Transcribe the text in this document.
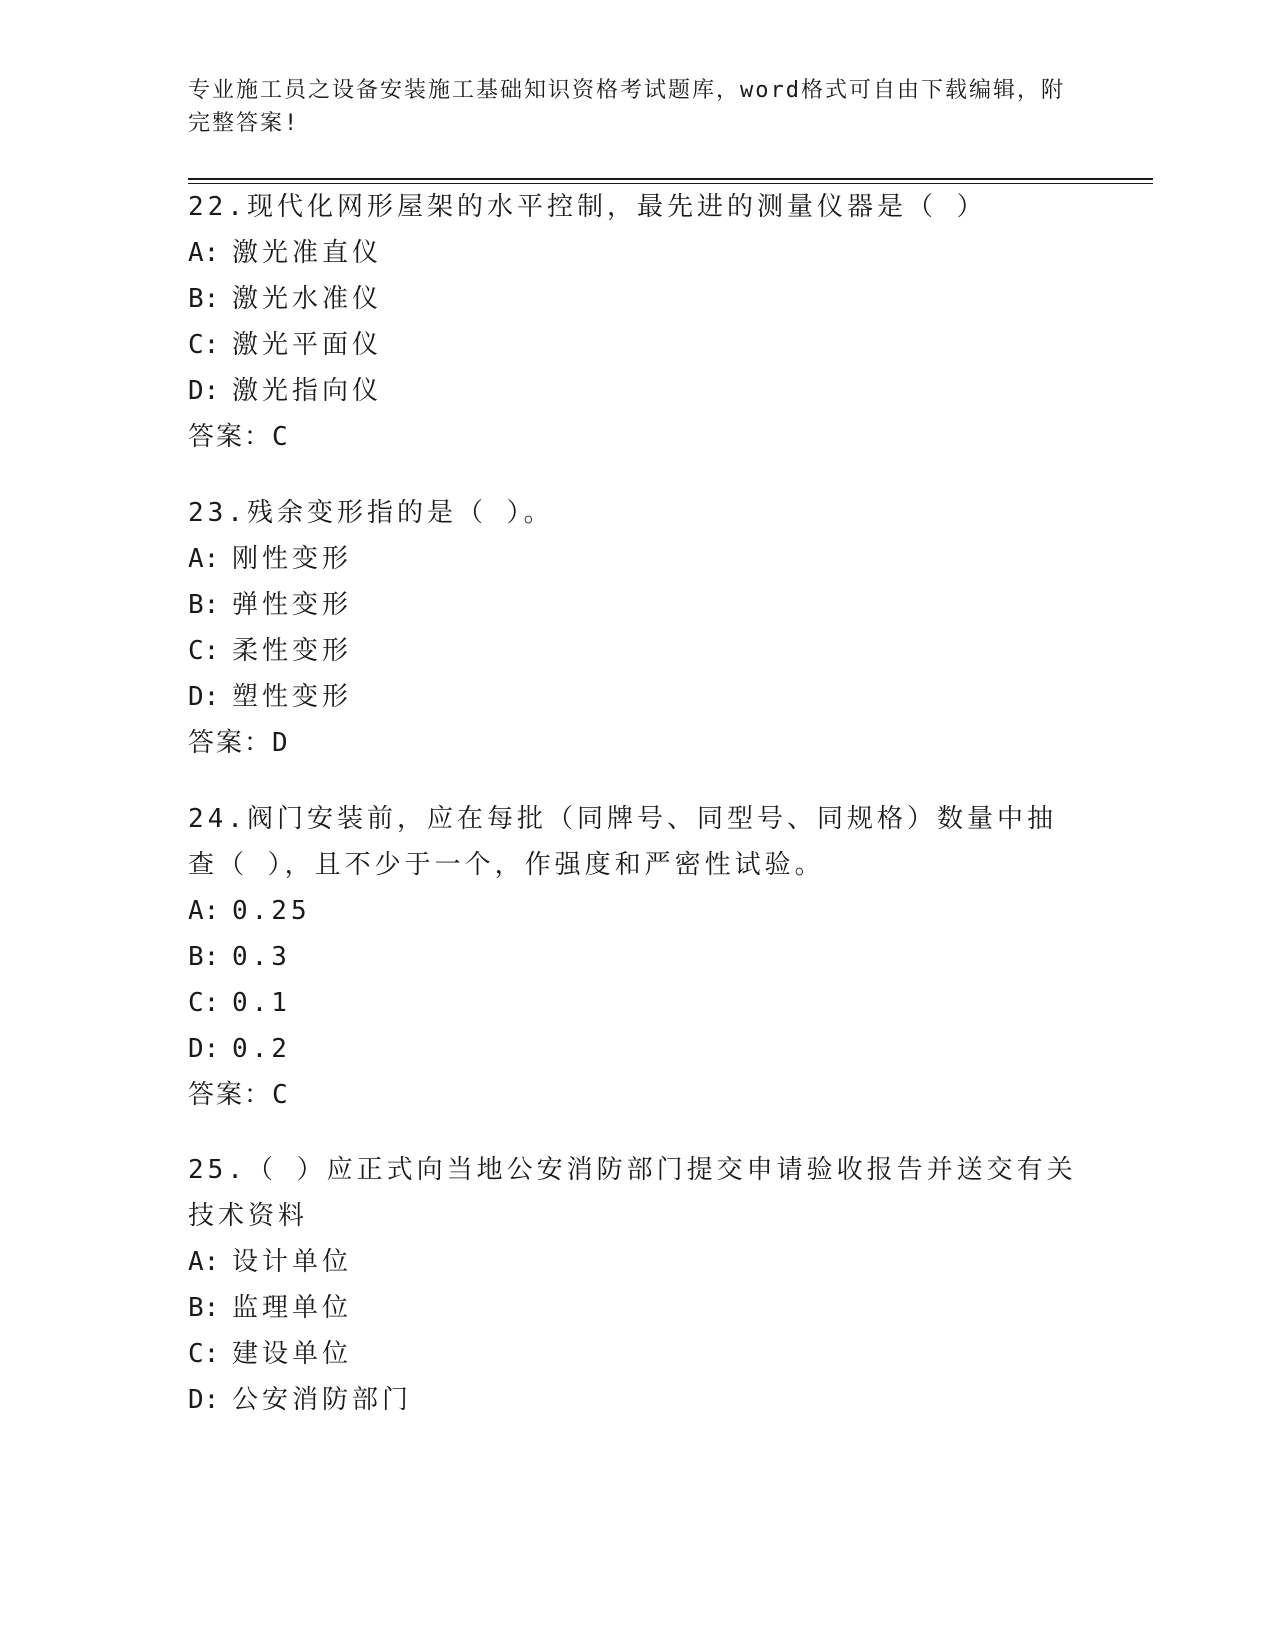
专业施工员之设备安装施工基础知识资格考试题库，word格式可自由下载编辑，附完整答案!

22.现代化网形屋架的水平控制，最先进的测量仪器是（ ）

A: 激光准直仪

B: 激光水准仪

C: 激光平面仪

D: 激光指向仪

答案：C

23.残余变形指的是（ ）。

A: 刚性变形

B: 弹性变形

C: 柔性变形

D: 塑性变形

答案：D

24.阀门安装前，应在每批（同牌号、同型号、同规格）数量中抽查（ ），且不少于一个，作强度和严密性试验。

A: 0.25

B: 0.3

C: 0.1

D: 0.2

答案：C

25.（ ）应正式向当地公安消防部门提交申请验收报告并送交有关技术资料

A: 设计单位

B: 监理单位

C: 建设单位

D: 公安消防部门
